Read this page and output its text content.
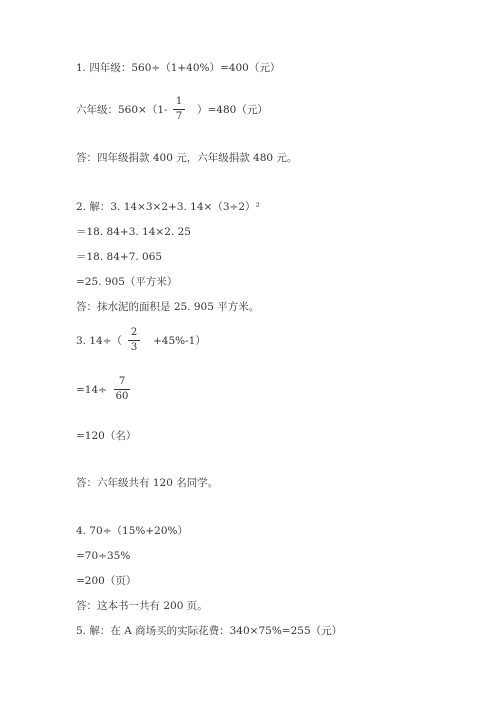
1. 四年级：560÷（1+40%）=400（元）
六年级：560×（1-
1
7
）=480（元）
答：四年级捐款 400 元，六年级捐款 480 元。
2. 解：3. 14×3×2+3. 14×（3÷2）²
＝18. 84+3. 14×2. 25
＝18. 84+7. 065
=25. 905（平方米）
答：抹水泥的面积是 25. 905 平方米。
3. 14÷（
2
3
+45%-1）
=14÷
7
60
=120（名）
答：六年级共有 120 名同学。
4. 70÷（15%+20%）
=70÷35%
=200（页）
答：这本书一共有 200 页。
5. 解：在 A 商场买的实际花费：340×75%=255（元）
